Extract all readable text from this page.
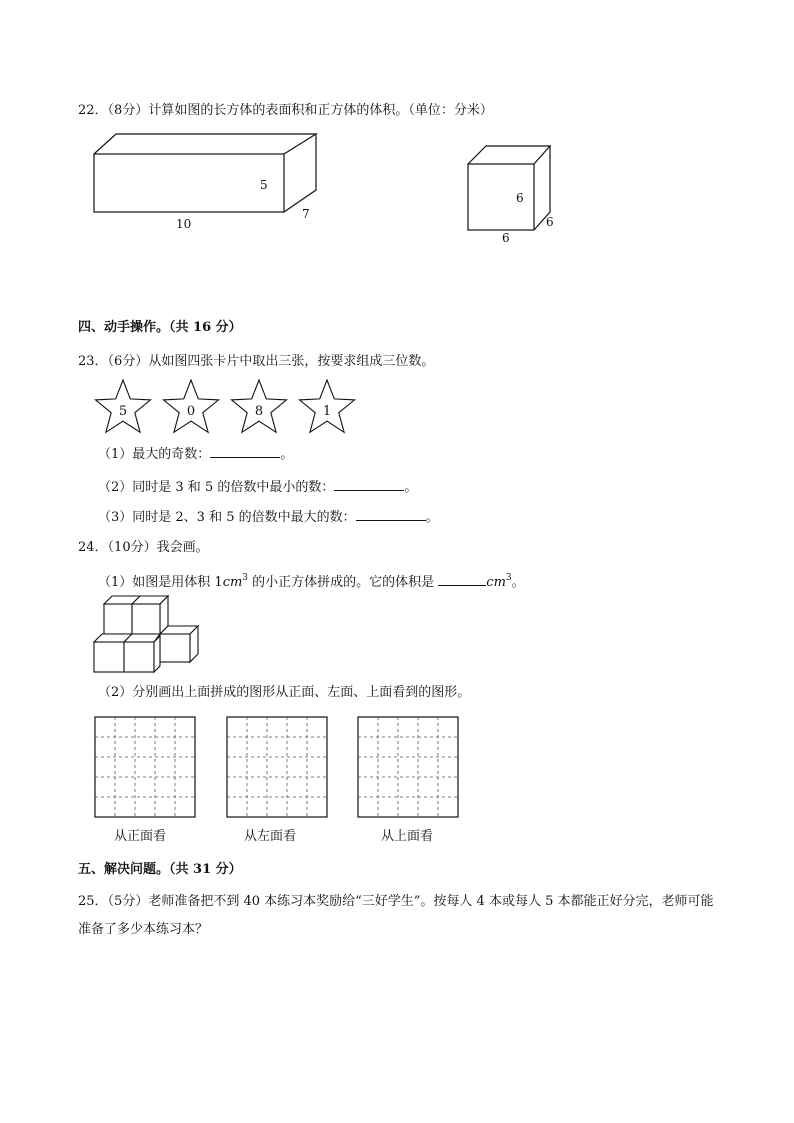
22．（8分）计算如图的长方体的表面积和正方体的体积。（单位：分米）
5
10
7
6
6
6
四、动手操作。（共 16 分）
23．（6分）从如图四张卡片中取出三张，按要求组成三位数。
5	0	8	1
（1）最大的奇数：	。
（2）同时是 3 和 5 的倍数中最小的数：	。
（3）同时是 2、3 和 5 的倍数中最大的数：	。
24．（10分）我会画。
（1）如图是用体积 $1cm^3$ 的小正方体拼成的。它的体积是	$cm^3$。
（2）分别画出上面拼成的图形从正面、左面、上面看到的图形。
从正面看	从左面看	从上面看
五、解决问题。（共 31 分）
25．（5分）老师准备把不到 40 本练习本奖励给“三好学生”。按每人 4 本或每人 5 本都能正好分完，老师可能准备了多少本练习本？
